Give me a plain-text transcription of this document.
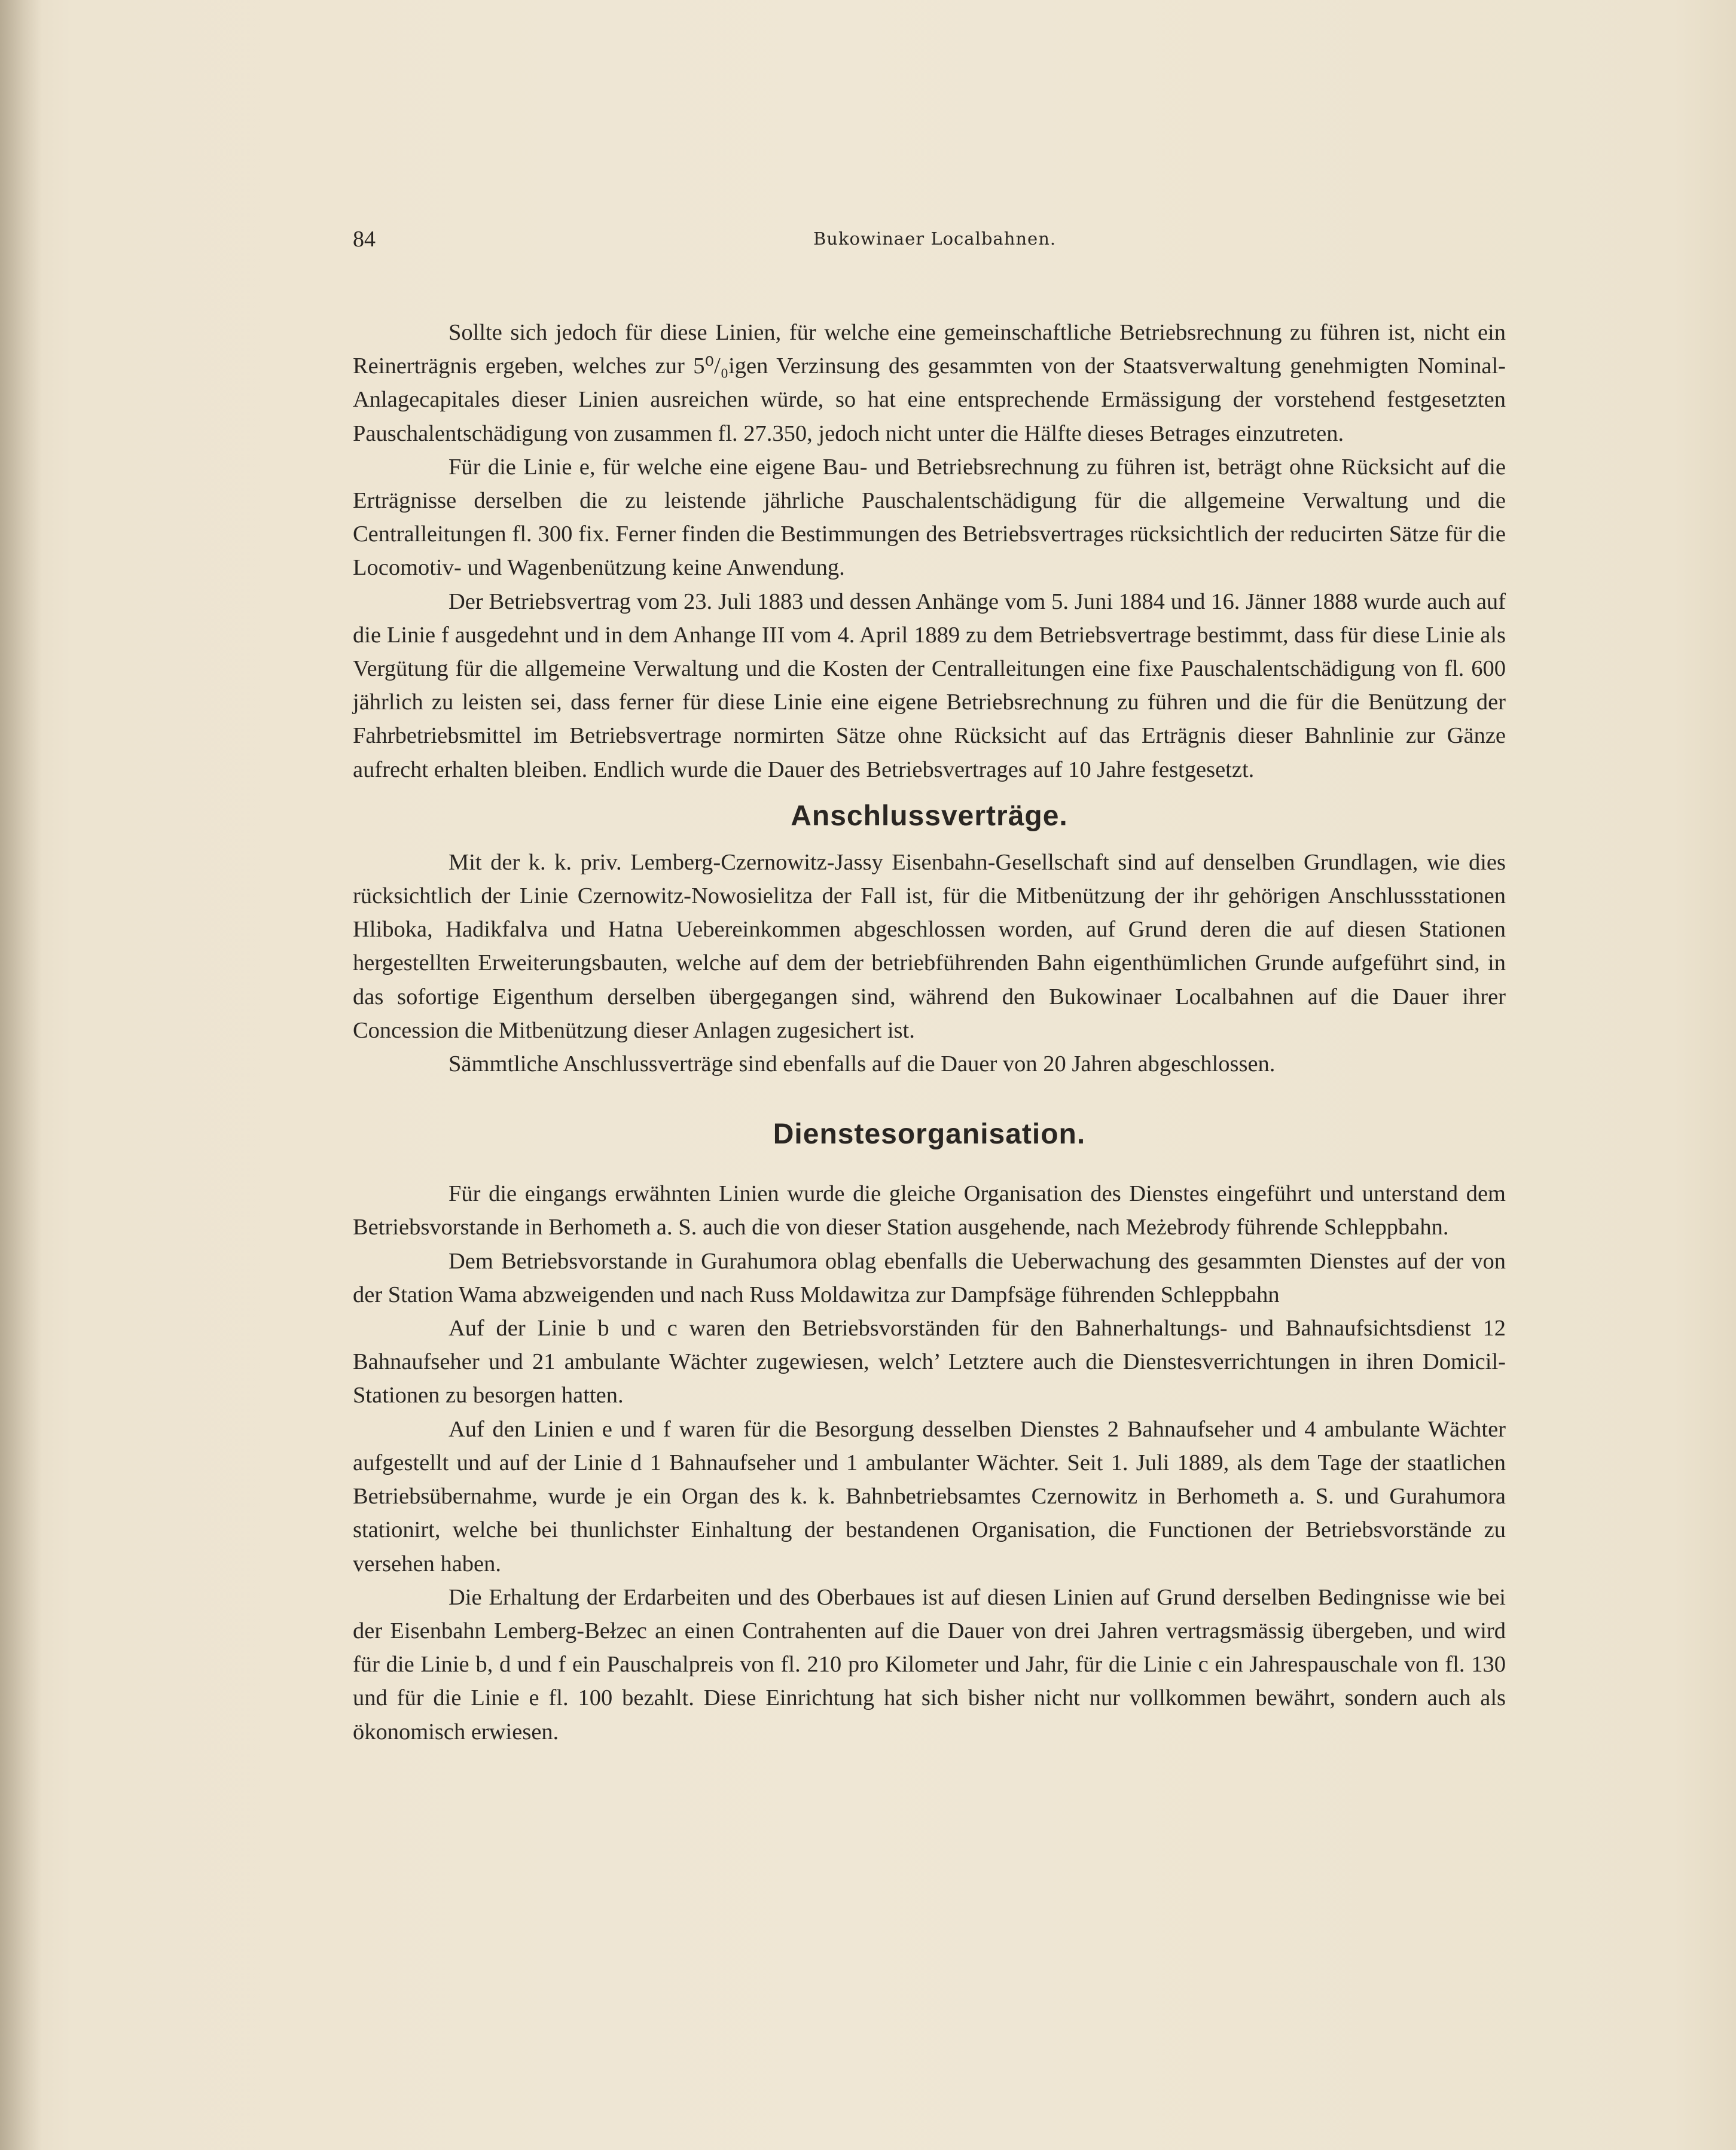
84	Bukowinaer Localbahnen.

Sollte sich jedoch für diese Linien, für welche eine gemeinschaftliche Betriebsrechnung zu führen ist, nicht ein Reinerträgnis ergeben, welches zur 5⁰/₀igen Verzinsung des gesammten von der Staatsverwaltung genehmigten Nominal-Anlagecapitales dieser Linien ausreichen würde, so hat eine entsprechende Ermässigung der vorstehend festgesetzten Pauschalentschädigung von zusammen fl. 27.350, jedoch nicht unter die Hälfte dieses Betrages einzutreten.

Für die Linie e, für welche eine eigene Bau- und Betriebsrechnung zu führen ist, beträgt ohne Rücksicht auf die Erträgnisse derselben die zu leistende jährliche Pauschalentschädigung für die allgemeine Verwaltung und die Centralleitungen fl. 300 fix. Ferner finden die Bestimmungen des Betriebsvertrages rücksichtlich der reducirten Sätze für die Locomotiv- und Wagenbenützung keine Anwendung.

Der Betriebsvertrag vom 23. Juli 1883 und dessen Anhänge vom 5. Juni 1884 und 16. Jänner 1888 wurde auch auf die Linie f ausgedehnt und in dem Anhange III vom 4. April 1889 zu dem Betriebsvertrage bestimmt, dass für diese Linie als Vergütung für die allgemeine Verwaltung und die Kosten der Centralleitungen eine fixe Pauschalentschädigung von fl. 600 jährlich zu leisten sei, dass ferner für diese Linie eine eigene Betriebsrechnung zu führen und die für die Benützung der Fahrbetriebsmittel im Betriebsvertrage normirten Sätze ohne Rücksicht auf das Erträgnis dieser Bahnlinie zur Gänze aufrecht erhalten bleiben. Endlich wurde die Dauer des Betriebsvertrages auf 10 Jahre festgesetzt.

Anschlussverträge.

Mit der k. k. priv. Lemberg-Czernowitz-Jassy Eisenbahn-Gesellschaft sind auf denselben Grundlagen, wie dies rücksichtlich der Linie Czernowitz-Nowosielitza der Fall ist, für die Mitbenützung der ihr gehörigen Anschlussstationen Hliboka, Hadikfalva und Hatna Uebereinkommen abgeschlossen worden, auf Grund deren die auf diesen Stationen hergestellten Erweiterungsbauten, welche auf dem der betriebführenden Bahn eigenthümlichen Grunde aufgeführt sind, in das sofortige Eigenthum derselben übergegangen sind, während den Bukowinaer Localbahnen auf die Dauer ihrer Concession die Mitbenützung dieser Anlagen zugesichert ist.

Sämmtliche Anschlussverträge sind ebenfalls auf die Dauer von 20 Jahren abgeschlossen.

Dienstesorganisation.

Für die eingangs erwähnten Linien wurde die gleiche Organisation des Dienstes eingeführt und unterstand dem Betriebsvorstande in Berhometh a. S. auch die von dieser Station ausgehende, nach Meżebrody führende Schleppbahn.

Dem Betriebsvorstande in Gurahumora oblag ebenfalls die Ueberwachung des gesammten Dienstes auf der von der Station Wama abzweigenden und nach Russ Moldawitza zur Dampfsäge führenden Schleppbahn

Auf der Linie b und c waren den Betriebsvorständen für den Bahnerhaltungs- und Bahnaufsichtsdienst 12 Bahnaufseher und 21 ambulante Wächter zugewiesen, welch’ Letztere auch die Dienstesverrichtungen in ihren Domicil-Stationen zu besorgen hatten.

Auf den Linien e und f waren für die Besorgung desselben Dienstes 2 Bahnaufseher und 4 ambulante Wächter aufgestellt und auf der Linie d 1 Bahnaufseher und 1 ambulanter Wächter. Seit 1. Juli 1889, als dem Tage der staatlichen Betriebsübernahme, wurde je ein Organ des k. k. Bahnbetriebsamtes Czernowitz in Berhometh a. S. und Gurahumora stationirt, welche bei thunlichster Einhaltung der bestandenen Organisation, die Functionen der Betriebsvorstände zu versehen haben.

Die Erhaltung der Erdarbeiten und des Oberbaues ist auf diesen Linien auf Grund derselben Bedingnisse wie bei der Eisenbahn Lemberg-Bełzec an einen Contrahenten auf die Dauer von drei Jahren vertragsmässig übergeben, und wird für die Linie b, d und f ein Pauschalpreis von fl. 210 pro Kilometer und Jahr, für die Linie c ein Jahrespauschale von fl. 130 und für die Linie e fl. 100 bezahlt. Diese Einrichtung hat sich bisher nicht nur vollkommen bewährt, sondern auch als ökonomisch erwiesen.
